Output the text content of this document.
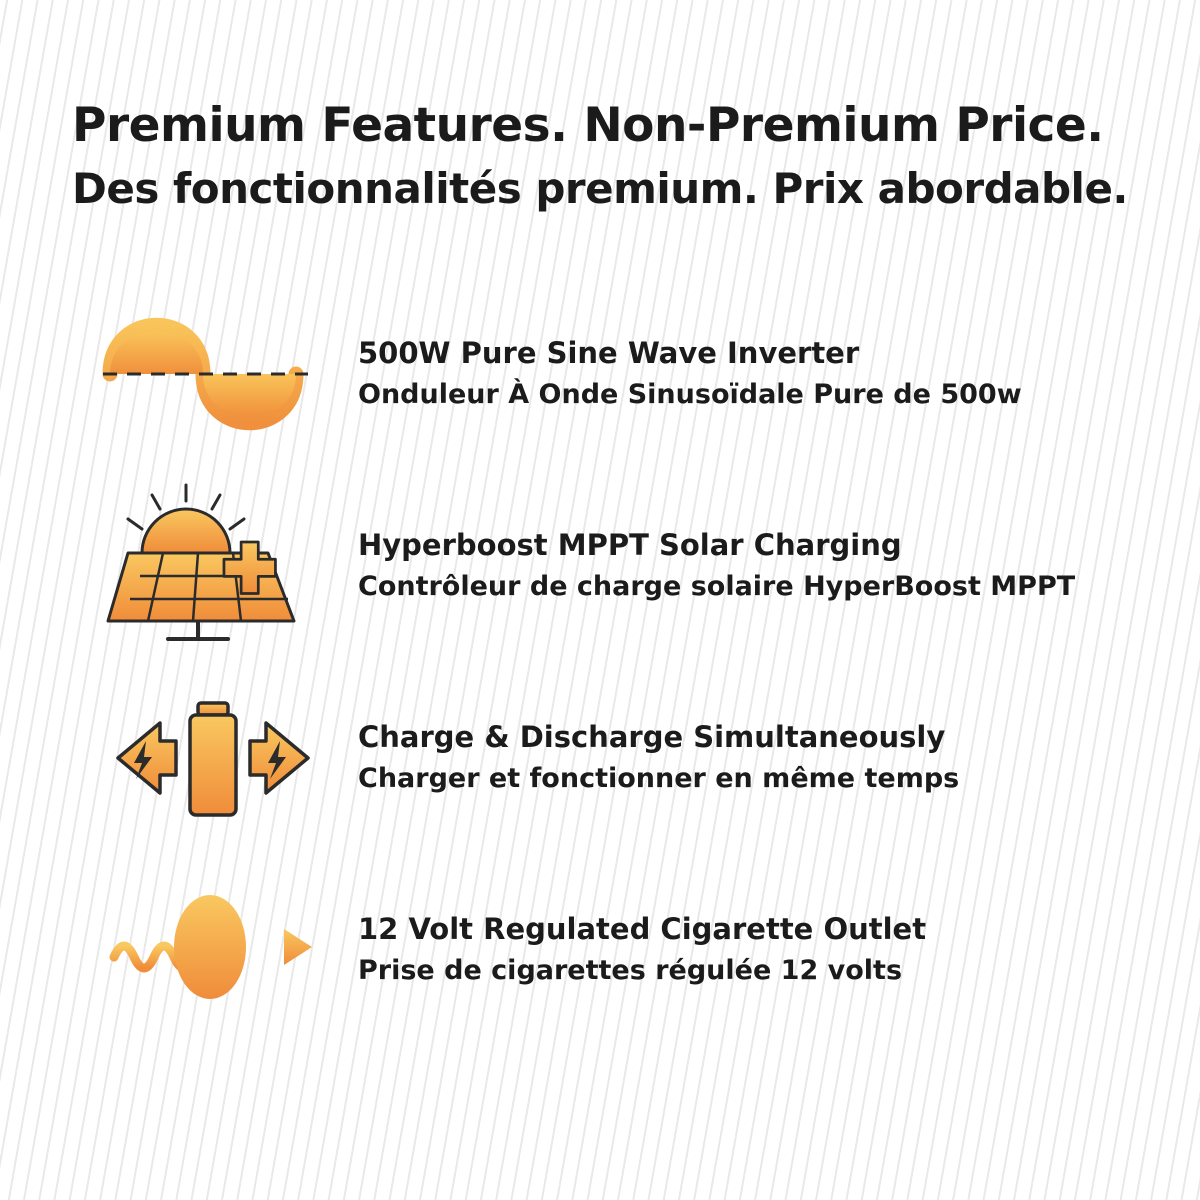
Premium Features. Non-Premium Price.
Des fonctionnalités premium. Prix abordable.
500W Pure Sine Wave Inverter
Onduleur À Onde Sinusoïdale Pure de 500w
Hyperboost MPPT Solar Charging
Contrôleur de charge solaire HyperBoost MPPT
Charge & Discharge Simultaneously
Charger et fonctionner en même temps
12 Volt Regulated Cigarette Outlet
Prise de cigarettes régulée 12 volts
